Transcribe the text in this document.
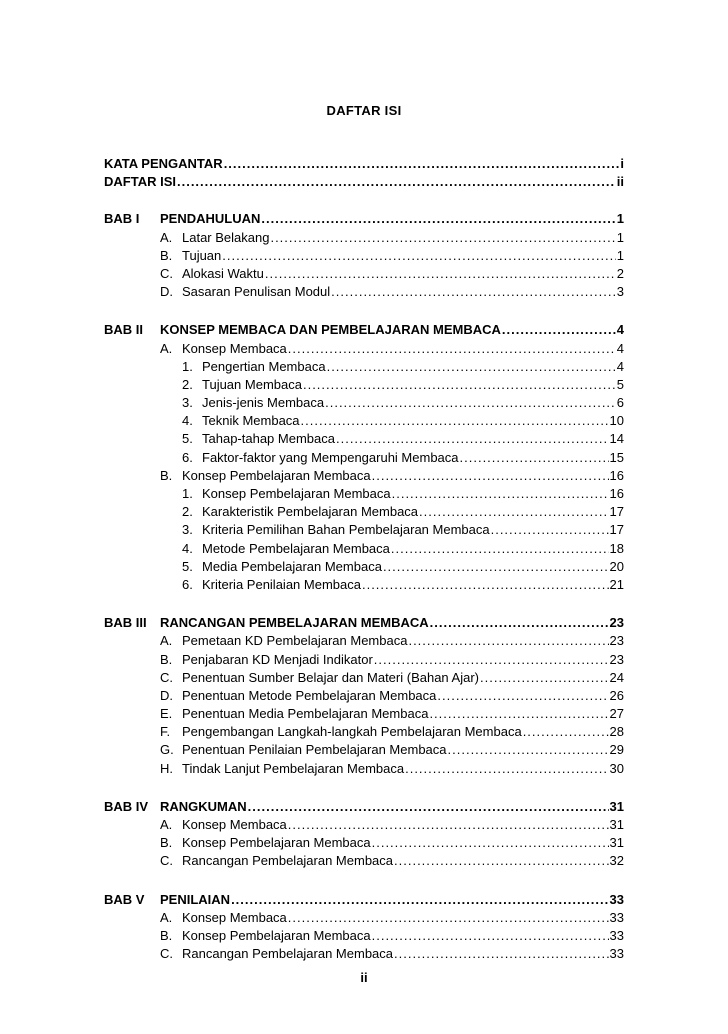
DAFTAR ISI
KATA PENGANTAR .....	i
DAFTAR ISI .....	ii
BAB I PENDAHULUAN .....	1
A. Latar Belakang .....	1
B. Tujuan .....	1
C. Alokasi Waktu .....	2
D. Sasaran Penulisan Modul .....	3
BAB II KONSEP MEMBACA DAN PEMBELAJARAN MEMBACA .....	4
A. Konsep Membaca .....	4
1. Pengertian Membaca .....	4
2. Tujuan Membaca .....	5
3. Jenis-jenis Membaca .....	6
4. Teknik Membaca .....	10
5. Tahap-tahap Membaca .....	14
6. Faktor-faktor yang Mempengaruhi Membaca .....	15
B. Konsep Pembelajaran Membaca .....	16
1. Konsep Pembelajaran Membaca .....	16
2. Karakteristik Pembelajaran Membaca .....	17
3. Kriteria Pemilihan Bahan Pembelajaran Membaca .....	17
4. Metode Pembelajaran Membaca .....	18
5. Media Pembelajaran Membaca .....	20
6. Kriteria Penilaian Membaca .....	21
BAB III RANCANGAN PEMBELAJARAN MEMBACA .....	23
A. Pemetaan KD Pembelajaran Membaca .....	23
B. Penjabaran KD Menjadi Indikator .....	23
C. Penentuan Sumber Belajar dan Materi (Bahan Ajar) .....	24
D. Penentuan Metode Pembelajaran Membaca .....	26
E. Penentuan Media Pembelajaran Membaca .....	27
F. Pengembangan Langkah-langkah Pembelajaran Membaca .....	28
G. Penentuan Penilaian Pembelajaran Membaca .....	29
H. Tindak Lanjut Pembelajaran Membaca .....	30
BAB IV RANGKUMAN .....	31
A. Konsep Membaca .....	31
B. Konsep Pembelajaran Membaca .....	31
C. Rancangan Pembelajaran Membaca .....	32
BAB V PENILAIAN .....	33
A. Konsep Membaca .....	33
B. Konsep Pembelajaran Membaca .....	33
C. Rancangan Pembelajaran Membaca .....	33
ii
